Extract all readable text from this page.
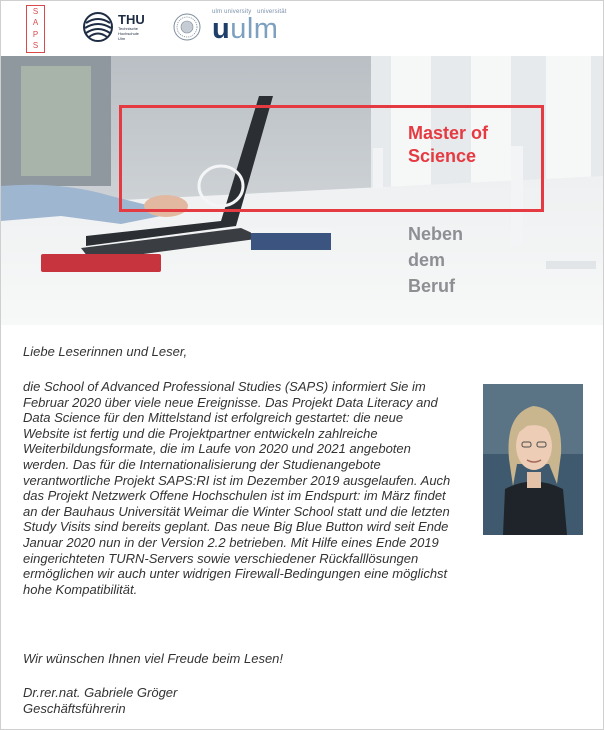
S
A
P
S
THU
Technische
Hochschule
Ulm
ulm university universität
uulm
Master of
Science
Neben
dem
Beruf

Liebe Leserinnen und Leser,

die School of Advanced Professional Studies (SAPS) informiert Sie im Februar 2020 über viele neue Ereignisse. Das Projekt Data Literacy and Data Science für den Mittelstand ist erfolgreich gestartet: die neue Website ist fertig und die Projektpartner entwickeln zahlreiche Weiterbildungsformate, die im Laufe von 2020 und 2021 angeboten werden. Das für die Internationalisierung der Studienangebote verantwortliche Projekt SAPS:RI ist im Dezember 2019 ausgelaufen. Auch das Projekt Netzwerk Offene Hochschulen ist im Endspurt: im März findet an der Bauhaus Universität Weimar die Winter School statt und die letzten Study Visits sind bereits geplant. Das neue Big Blue Button wird seit Ende Januar 2020 nun in der Version 2.2 betrieben. Mit Hilfe eines Ende 2019 eingerichteten TURN-Servers sowie verschiedener Rückfalllösungen ermöglichen wir auch unter widrigen Firewall-Bedingungen eine möglichst hohe Kompatibilität.

Wir wünschen Ihnen viel Freude beim Lesen!

Dr.rer.nat. Gabriele Gröger
Geschäftsführerin
